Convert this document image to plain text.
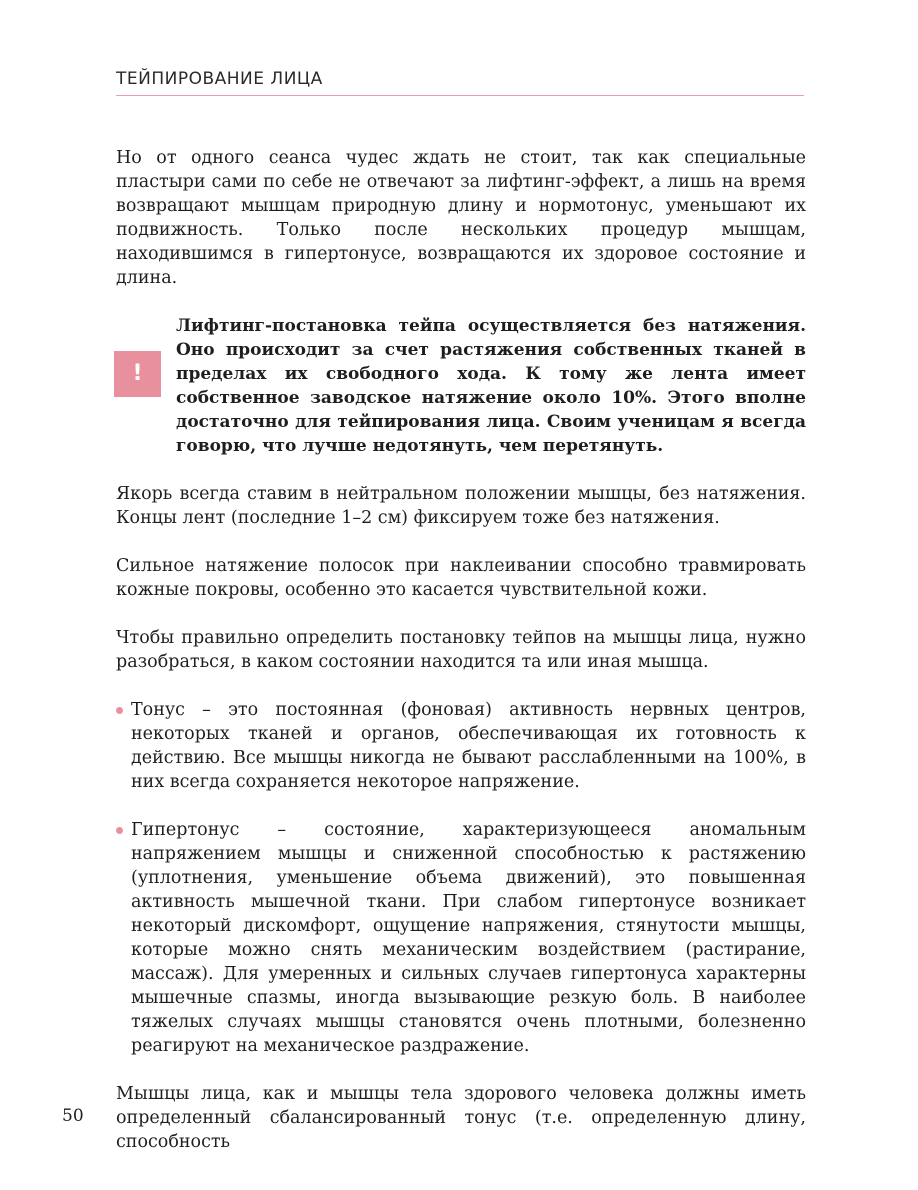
ТЕЙПИРОВАНИЕ ЛИЦА

Но от одного сеанса чудес ждать не стоит, так как специальные пластыри сами по себе не отвечают за лифтинг-эффект, а лишь на время возвращают мышцам природную длину и нормотонус, уменьшают их подвижность. Только после нескольких процедур мышцам, находившимся в гипертонусе, возвращаются их здоровое состояние и длина.

!

Лифтинг-постановка тейпа осуществляется без натяжения. Оно происходит за счет растяжения собственных тканей в пределах их свободного хода. К тому же лента имеет собственное заводское натяжение около 10%. Этого вполне достаточно для тейпирования лица. Своим ученицам я всегда говорю, что лучше недотянуть, чем перетянуть.

Якорь всегда ставим в нейтральном положении мышцы, без натяжения. Концы лент (последние 1–2 см) фиксируем тоже без натяжения.

Сильное натяжение полосок при наклеивании способно травмировать кожные покровы, особенно это касается чувствительной кожи.

Чтобы правильно определить постановку тейпов на мышцы лица, нужно разобраться, в каком состоянии находится та или иная мышца.

Тонус – это постоянная (фоновая) активность нервных центров, некоторых тканей и органов, обеспечивающая их готовность к действию. Все мышцы никогда не бывают расслабленными на 100%, в них всегда сохраняется некоторое напряжение.
Гипертонус – состояние, характеризующееся аномальным напряжением мышцы и сниженной способностью к растяжению (уплотнения, уменьшение объема движений), это повышенная активность мышечной ткани. При слабом гипертонусе возникает некоторый дискомфорт, ощущение напряжения, стянутости мышцы, которые можно снять механическим воздействием (растирание, массаж). Для умеренных и сильных случаев гипертонуса характерны мышечные спазмы, иногда вызывающие резкую боль. В наиболее тяжелых случаях мышцы становятся очень плотными, болезненно реагируют на механическое раздражение.

Мышцы лица, как и мышцы тела здорового человека должны иметь определенный сбалансированный тонус (т.е. определенную длину, способность

50
